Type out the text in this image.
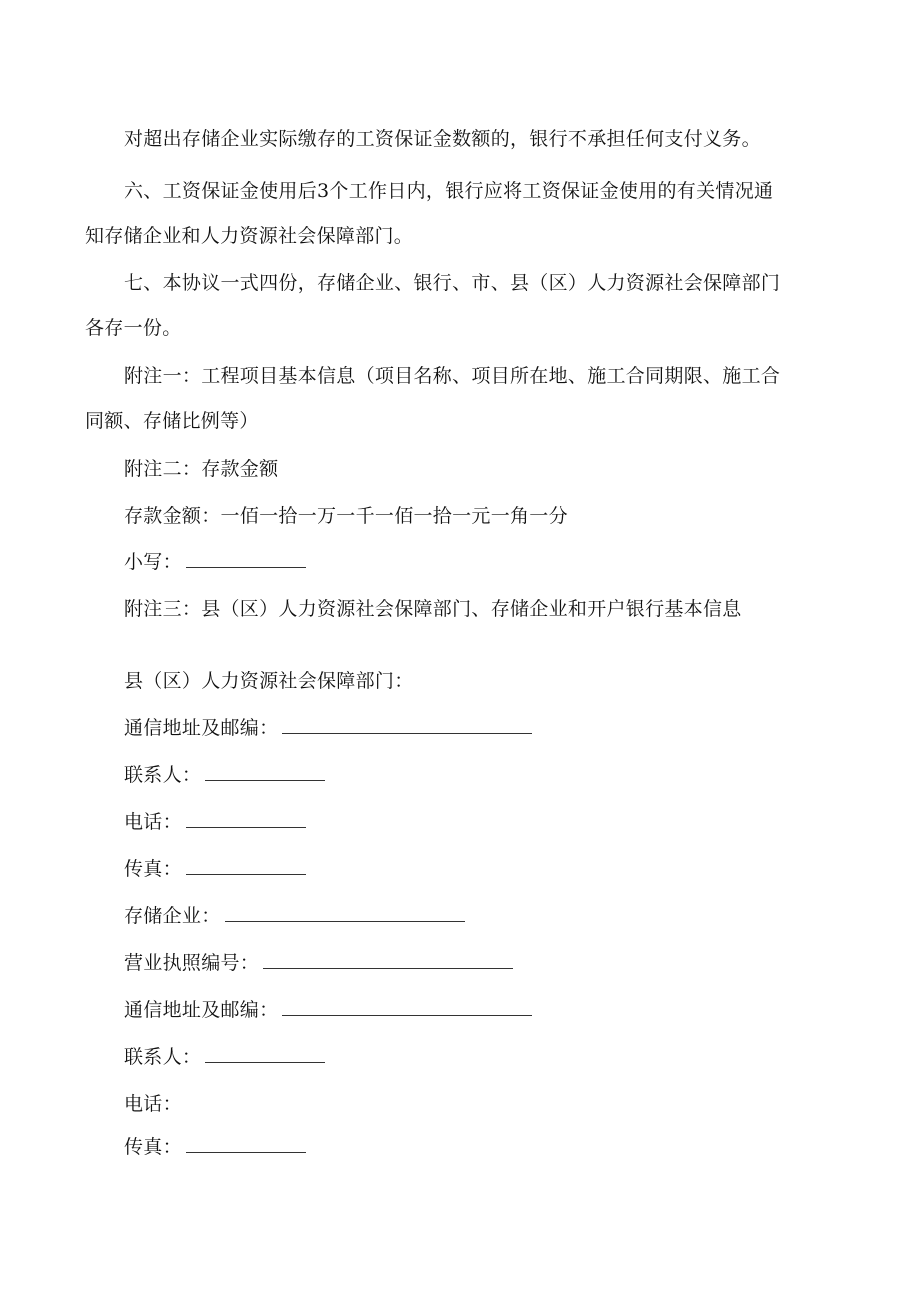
对超出存储企业实际缴存的工资保证金数额的，银行不承担任何支付义务。
六、工资保证金使用后3个工作日内，银行应将工资保证金使用的有关情况通
知存储企业和人力资源社会保障部门。
七、本协议一式四份，存储企业、银行、市、县（区）人力资源社会保障部门
各存一份。
附注一：工程项目基本信息（项目名称、项目所在地、施工合同期限、施工合
同额、存储比例等）
附注二：存款金额
存款金额：一佰一拾一万一千一佰一拾一元一角一分
小写：
附注三：县（区）人力资源社会保障部门、存储企业和开户银行基本信息
县（区）人力资源社会保障部门：
通信地址及邮编：
联系人：
电话：
传真：
存储企业：
营业执照编号：
通信地址及邮编：
联系人：
电话：
传真：
